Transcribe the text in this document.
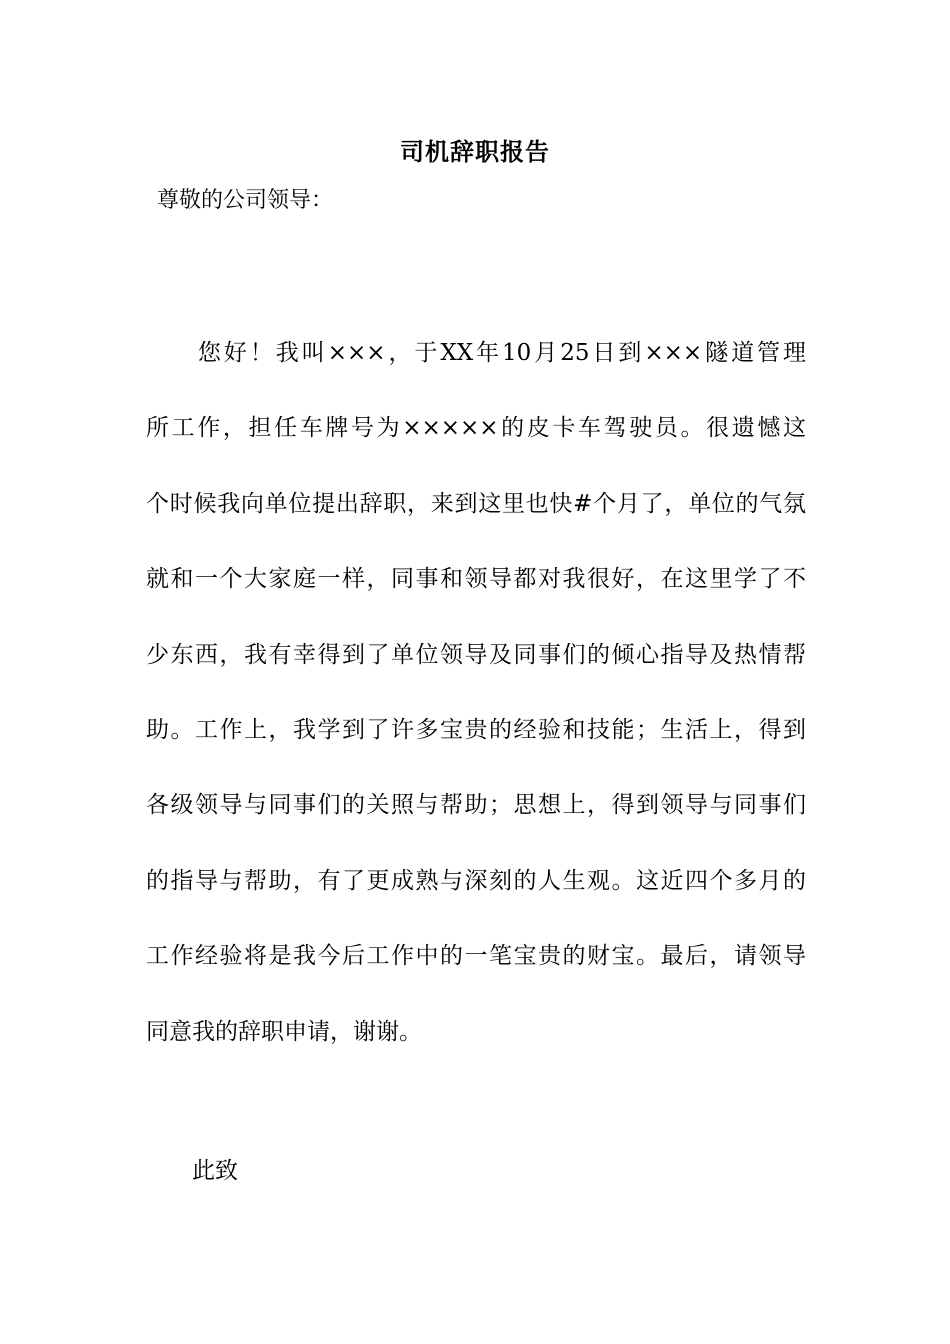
司机辞职报告
尊敬的公司领导：
　　您好！我叫×××，于XX年10月25日到×××隧道管理
所工作，担任车牌号为×××××的皮卡车驾驶员。很遗憾这
个时候我向单位提出辞职，来到这里也快#个月了，单位的气氛
就和一个大家庭一样，同事和领导都对我很好，在这里学了不
少东西，我有幸得到了单位领导及同事们的倾心指导及热情帮
助。工作上，我学到了许多宝贵的经验和技能；生活上，得到
各级领导与同事们的关照与帮助；思想上，得到领导与同事们
的指导与帮助，有了更成熟与深刻的人生观。这近四个多月的
工作经验将是我今后工作中的一笔宝贵的财宝。最后，请领导
同意我的辞职申请，谢谢。
此致
